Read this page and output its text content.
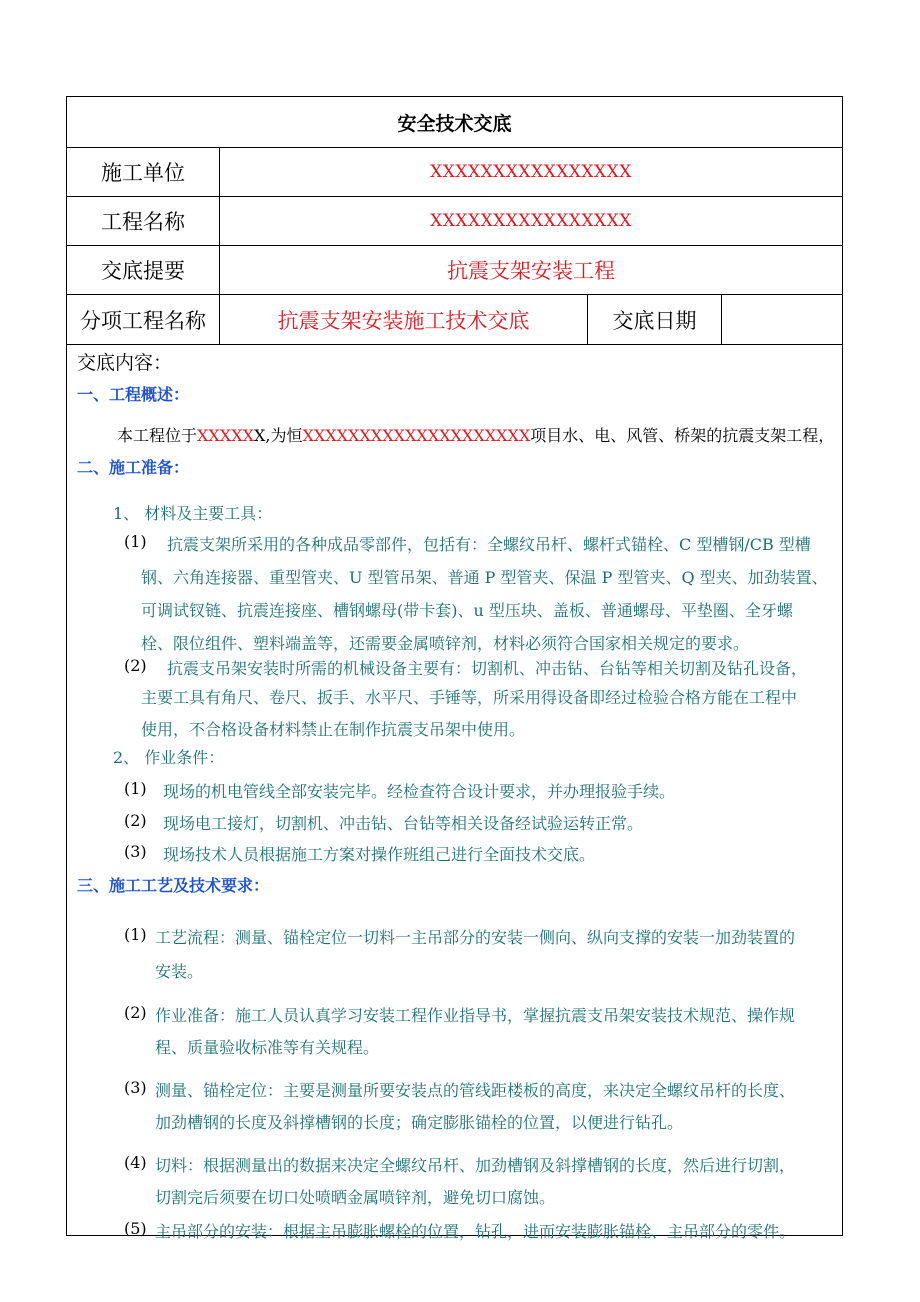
安全技术交底
施工单位	XXXXXXXXXXXXXXXX
工程名称	XXXXXXXXXXXXXXXX
交底提要	抗震支架安装工程
分项工程名称	抗震支架安装施工技术交底	交底日期
交底内容：
一、工程概述：
本工程位于XXXXXX,为恒XXXXXXXXXXXXXXXXXXXX项目水、电、风管、桥架的抗震支架工程，
二、施工准备：
1、 材料及主要工具：
(1) 抗震支架所采用的各种成品零部件，包括有：全螺纹吊杆、螺杆式锚栓、C 型槽钢/CB 型槽
钢、六角连接器、重型管夹、U 型管吊架、普通 P 型管夹、保温 P 型管夹、Q 型夹、加劲装置、
可调试钗链、抗震连接座、槽钢螺母(带卡套)、u 型压块、盖板、普通螺母、平垫圈、全牙螺
栓、限位组件、塑料端盖等，还需要金属喷锌剂，材料必须符合国家相关规定的要求。
(2) 抗震支吊架安装时所需的机械设备主要有：切割机、冲击钻、台钻等相关切割及钻孔设备，
主要工具有角尺、卷尺、扳手、水平尺、手锤等，所采用得设备即经过检验合格方能在工程中
使用，不合格设备材料禁止在制作抗震支吊架中使用。
2、 作业条件：
(1) 现场的机电管线全部安装完毕。经检查符合设计要求，并办理报验手续。
(2) 现场电工接灯，切割机、冲击钻、台钻等相关设备经试验运转正常。
(3) 现场技术人员根据施工方案对操作班组己进行全面技术交底。
三、施工工艺及技术要求：
(1) 工艺流程：测量、锚栓定位一切料一主吊部分的安装一侧向、纵向支撑的安装一加劲装置的
安装。
(2) 作业准备：施工人员认真学习安装工程作业指导书，掌握抗震支吊架安装技术规范、操作规
程、质量验收标准等有关规程。
(3) 测量、锚栓定位：主要是测量所要安装点的管线距楼板的高度，来决定全螺纹吊杆的长度、
加劲槽钢的长度及斜撑槽钢的长度；确定膨胀锚栓的位置，以便进行钻孔。
(4) 切料：根据测量出的数据来决定全螺纹吊杆、加劲槽钢及斜撑槽钢的长度，然后进行切割，
切割完后须要在切口处喷晒金属喷锌剂，避免切口腐蚀。
(5) 主吊部分的安装：根据主吊膨胀螺栓的位置，钻孔，进而安装膨胀锚栓、主吊部分的零件。
